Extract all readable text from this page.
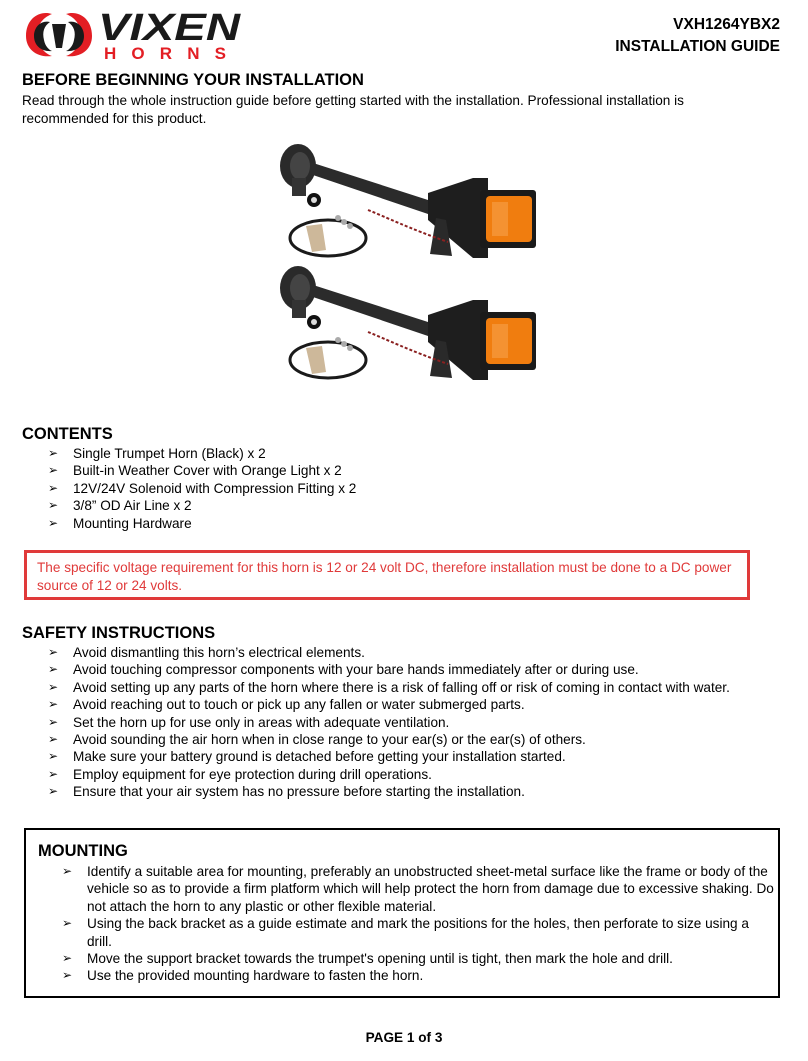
VIXEN
HORNS
VXH1264YBX2
INSTALLATION GUIDE
BEFORE BEGINNING YOUR INSTALLATION

Read through the whole instruction guide before getting started with the installation. Professional installation is recommended for this product.

CONTENTS
➢ Single Trumpet Horn (Black) x 2
➢ Built-in Weather Cover with Orange Light x 2
➢ 12V/24V Solenoid with Compression Fitting x 2
➢ 3/8” OD Air Line x 2
➢ Mounting Hardware
The specific voltage requirement for this horn is 12 or 24 volt DC, therefore installation must be done to a DC power source of 12 or 24 volts.
SAFETY INSTRUCTIONS
➢ Avoid dismantling this horn’s electrical elements.
➢ Avoid touching compressor components with your bare hands immediately after or during use.
➢ Avoid setting up any parts of the horn where there is a risk of falling off or risk of coming in contact with water.
➢ Avoid reaching out to touch or pick up any fallen or water submerged parts.
➢ Set the horn up for use only in areas with adequate ventilation.
➢ Avoid sounding the air horn when in close range to your ear(s) or the ear(s) of others.
➢ Make sure your battery ground is detached before getting your installation started.
➢ Employ equipment for eye protection during drill operations.
➢ Ensure that your air system has no pressure before starting the installation.
MOUNTING
➢ Identify a suitable area for mounting, preferably an unobstructed sheet-metal surface like the frame or body of the vehicle so as to provide a firm platform which will help protect the horn from damage due to excessive shaking. Do not attach the horn to any plastic or other flexible material.
➢ Using the back bracket as a guide estimate and mark the positions for the holes, then perforate to size using a drill.
➢ Move the support bracket towards the trumpet's opening until is tight, then mark the hole and drill.
➢ Use the provided mounting hardware to fasten the horn.
PAGE 1 of 3
